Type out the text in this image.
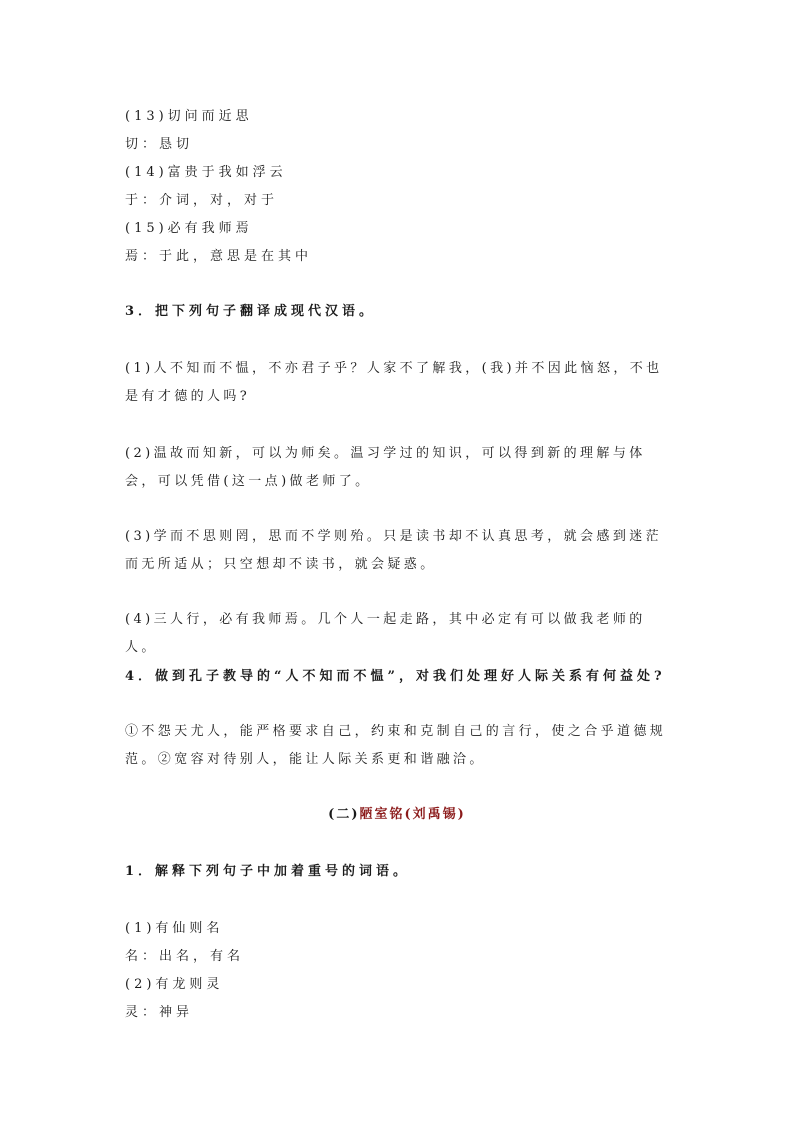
(13)切问而近思
切：恳切
(14)富贵于我如浮云
于：介词，对，对于
(15)必有我师焉
焉：于此，意思是在其中
3．把下列句子翻译成现代汉语。
(1)人不知而不愠，不亦君子乎？人家不了解我，(我)并不因此恼怒，不也是有才德的人吗?
(2)温故而知新，可以为师矣。温习学过的知识，可以得到新的理解与体会，可以凭借(这一点)做老师了。
(3)学而不思则罔，思而不学则殆。只是读书却不认真思考，就会感到迷茫而无所适从；只空想却不读书，就会疑惑。
(4)三人行，必有我师焉。几个人一起走路，其中必定有可以做我老师的人。
4．做到孔子教导的“人不知而不愠”，对我们处理好人际关系有何益处?
①不怨天尤人，能严格要求自己，约束和克制自己的言行，使之合乎道德规范。②宽容对待别人，能让人际关系更和谐融洽。
(二)陋室铭(刘禹锡)
1．解释下列句子中加着重号的词语。
(1)有仙则名
名：出名，有名
(2)有龙则灵
灵：神异
